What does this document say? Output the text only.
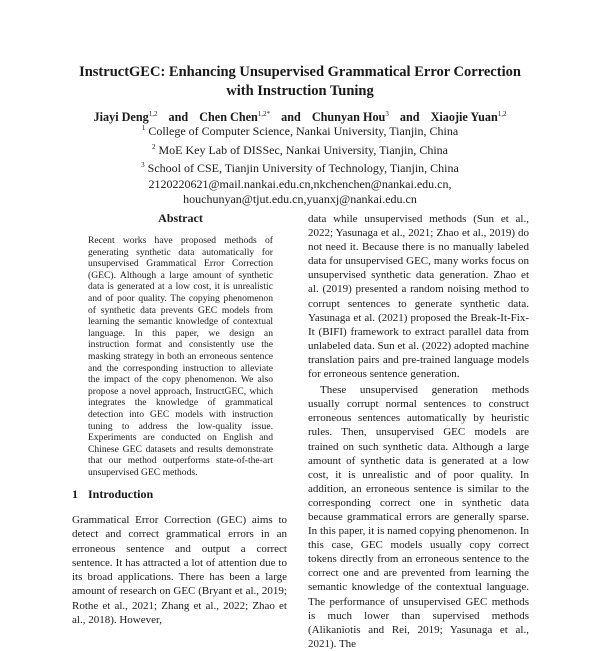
InstructGEC: Enhancing Unsupervised Grammatical Error Correction
with Instruction Tuning
Jiayi Deng$^{1,2}$ and Chen Chen$^{1,2*}$ and Chunyan Hou$^3$ and Xiaojie Yuan$^{1,2}$
$^1$ College of Computer Science, Nankai University, Tianjin, China
$^2$ MoE Key Lab of DISSec, Nankai University, Tianjin, China
$^3$ School of CSE, Tianjin University of Technology, Tianjin, China
2120220621@mail.nankai.edu.cn,nkchenchen@nankai.edu.cn,
houchunyan@tjut.edu.cn,yuanxj@nankai.edu.cn
Abstract

Recent works have proposed methods of generating synthetic data automatically for unsupervised Grammatical Error Correction (GEC). Although a large amount of synthetic data is generated at a low cost, it is unrealistic and of poor quality. The copying phenomenon of synthetic data prevents GEC models from learning the semantic knowledge of contextual language. In this paper, we design an instruction format and consistently use the masking strategy in both an erroneous sentence and the corresponding instruction to alleviate the impact of the copy phenomenon. We also propose a novel approach, InstructGEC, which integrates the knowledge of grammatical detection into GEC models with instruction tuning to address the low-quality issue. Experiments are conducted on English and Chinese GEC datasets and results demonstrate that our method outperforms state-of-the-art unsupervised GEC methods.

1 Introduction

Grammatical Error Correction (GEC) aims to detect and correct grammatical errors in an erroneous sentence and output a correct sentence. It has attracted a lot of attention due to its broad applications. There has been a large amount of research on GEC (Bryant et al., 2019; Rothe et al., 2021; Zhang et al., 2022; Zhao et al., 2018). However,

data while unsupervised methods (Sun et al., 2022; Yasunaga et al., 2021; Zhao et al., 2019) do not need it. Because there is no manually labeled data for unsupervised GEC, many works focus on unsupervised synthetic data generation. Zhao et al. (2019) presented a random noising method to corrupt sentences to generate synthetic data. Yasunaga et al. (2021) proposed the Break-It-Fix-It (BIFI) framework to extract parallel data from unlabeled data. Sun et al. (2022) adopted machine translation pairs and pre-trained language models for erroneous sentence generation.

These unsupervised generation methods usually corrupt normal sentences to construct erroneous sentences automatically by heuristic rules. Then, unsupervised GEC models are trained on such synthetic data. Although a large amount of synthetic data is generated at a low cost, it is unrealistic and of poor quality. In addition, an erroneous sentence is similar to the corresponding correct one in synthetic data because grammatical errors are generally sparse. In this paper, it is named copying phenomenon. In this case, GEC models usually copy correct tokens directly from an erroneous sentence to the correct one and are prevented from learning the semantic knowledge of the contextual language. The performance of unsupervised GEC methods is much lower than supervised methods (Alikaniotis and Rei, 2019; Yasunaga et al., 2021). The
